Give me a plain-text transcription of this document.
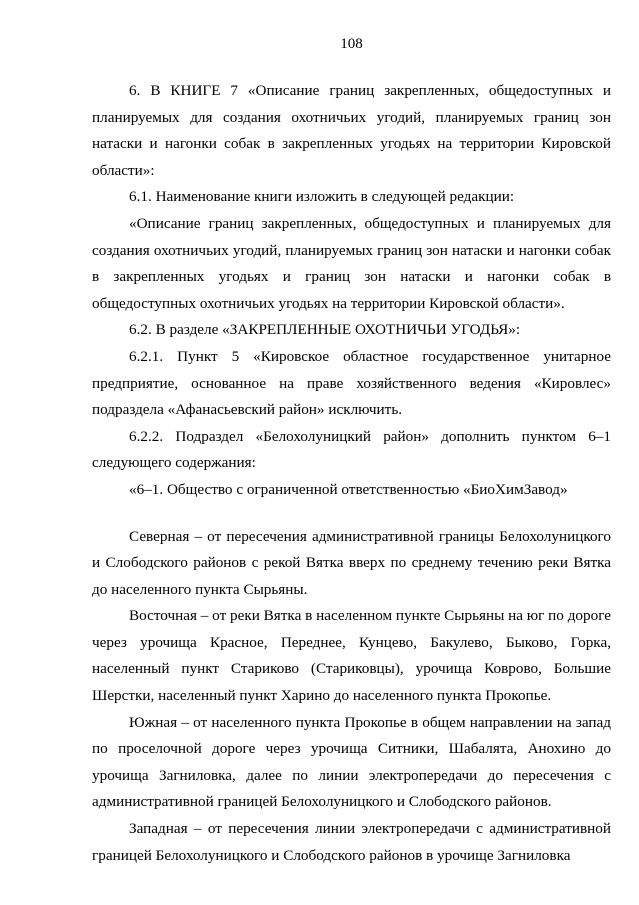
108

6. В КНИГЕ 7 «Описание границ закрепленных, общедоступных и планируемых для создания охотничьих угодий, планируемых границ зон натаски и нагонки собак в закрепленных угодьях на территории Кировской области»:

6.1. Наименование книги изложить в следующей редакции:

«Описание границ закрепленных, общедоступных и планируемых для создания охотничьих угодий, планируемых границ зон натаски и нагонки собак в закрепленных угодьях и границ зон натаски и нагонки собак в общедоступных охотничьих угодьях на территории Кировской области».

6.2. В разделе «ЗАКРЕПЛЕННЫЕ ОХОТНИЧЬИ УГОДЬЯ»:

6.2.1. Пункт 5 «Кировское областное государственное унитарное предприятие, основанное на праве хозяйственного ведения «Кировлес» подраздела «Афанасьевский район» исключить.

6.2.2. Подраздел «Белохолуницкий район» дополнить пунктом 6–1 следующего содержания:

«6–1. Общество с ограниченной ответственностью «БиоХимЗавод»

Северная – от пересечения административной границы Белохолуницкого и Слободского районов с рекой Вятка вверх по среднему течению реки Вятка до населенного пункта Сырьяны.

Восточная – от реки Вятка в населенном пункте Сырьяны на юг по дороге через урочища Красное, Переднее, Кунцево, Бакулево, Быково, Горка, населенный пункт Стариково (Стариковцы), урочища Коврово, Большие Шерстки, населенный пункт Харино до населенного пункта Прокопье.

Южная – от населенного пункта Прокопье в общем направлении на запад по проселочной дороге через урочища Ситники, Шабалята, Анохино до урочища Загниловка, далее по линии электропередачи до пересечения с административной границей Белохолуницкого и Слободского районов.

Западная – от пересечения линии электропередачи с административной границей Белохолуницкого и Слободского районов в урочище Загниловка
